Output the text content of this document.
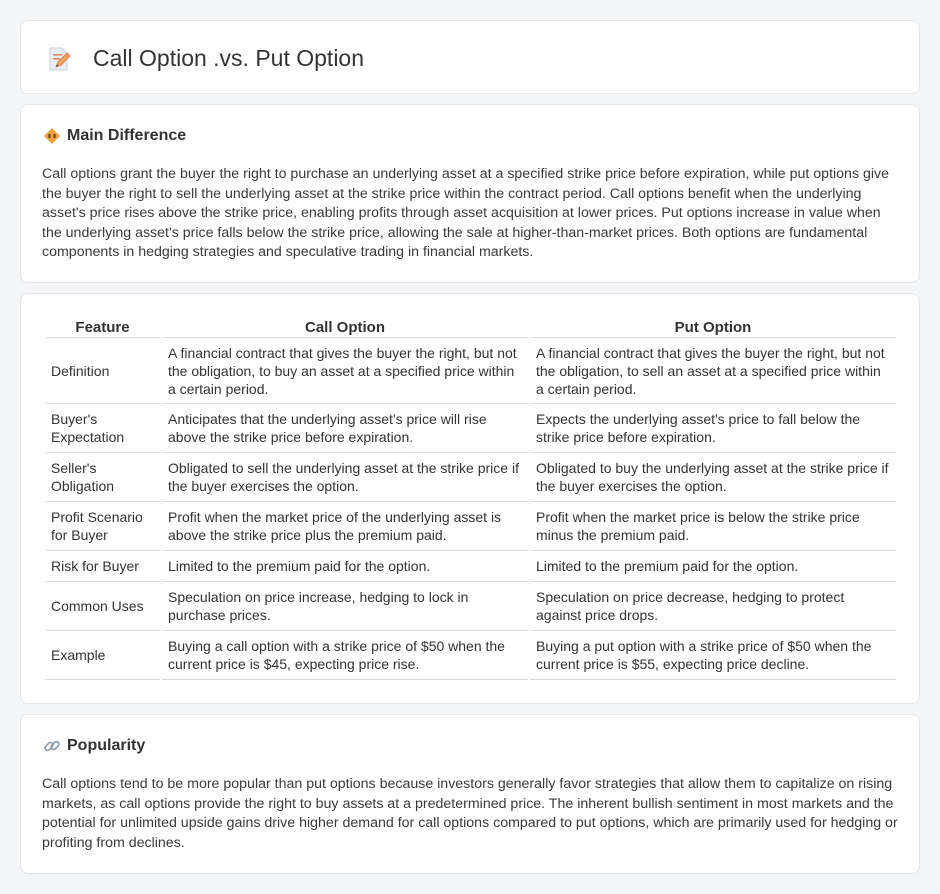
Call Option .vs. Put Option
Main Difference

Call options grant the buyer the right to purchase an underlying asset at a specified strike price before expiration, while put options give the buyer the right to sell the underlying asset at the strike price within the contract period. Call options benefit when the underlying asset's price rises above the strike price, enabling profits through asset acquisition at lower prices. Put options increase in value when the underlying asset's price falls below the strike price, allowing the sale at higher-than-market prices. Both options are fundamental components in hedging strategies and speculative trading in financial markets.

Feature	Call Option	Put Option
Definition	A financial contract that gives the buyer the right, but not the obligation, to buy an asset at a specified price within a certain period.	A financial contract that gives the buyer the right, but not the obligation, to sell an asset at a specified price within a certain period.
Buyer's Expectation	Anticipates that the underlying asset's price will rise above the strike price before expiration.	Expects the underlying asset's price to fall below the strike price before expiration.
Seller's Obligation	Obligated to sell the underlying asset at the strike price if the buyer exercises the option.	Obligated to buy the underlying asset at the strike price if the buyer exercises the option.
Profit Scenario for Buyer	Profit when the market price of the underlying asset is above the strike price plus the premium paid.	Profit when the market price is below the strike price minus the premium paid.
Risk for Buyer	Limited to the premium paid for the option.	Limited to the premium paid for the option.
Common Uses	Speculation on price increase, hedging to lock in purchase prices.	Speculation on price decrease, hedging to protect against price drops.
Example	Buying a call option with a strike price of $50 when the current price is $45, expecting price rise.	Buying a put option with a strike price of $50 when the current price is $55, expecting price decline.
Popularity

Call options tend to be more popular than put options because investors generally favor strategies that allow them to capitalize on rising markets, as call options provide the right to buy assets at a predetermined price. The inherent bullish sentiment in most markets and the potential for unlimited upside gains drive higher demand for call options compared to put options, which are primarily used for hedging or profiting from declines.
